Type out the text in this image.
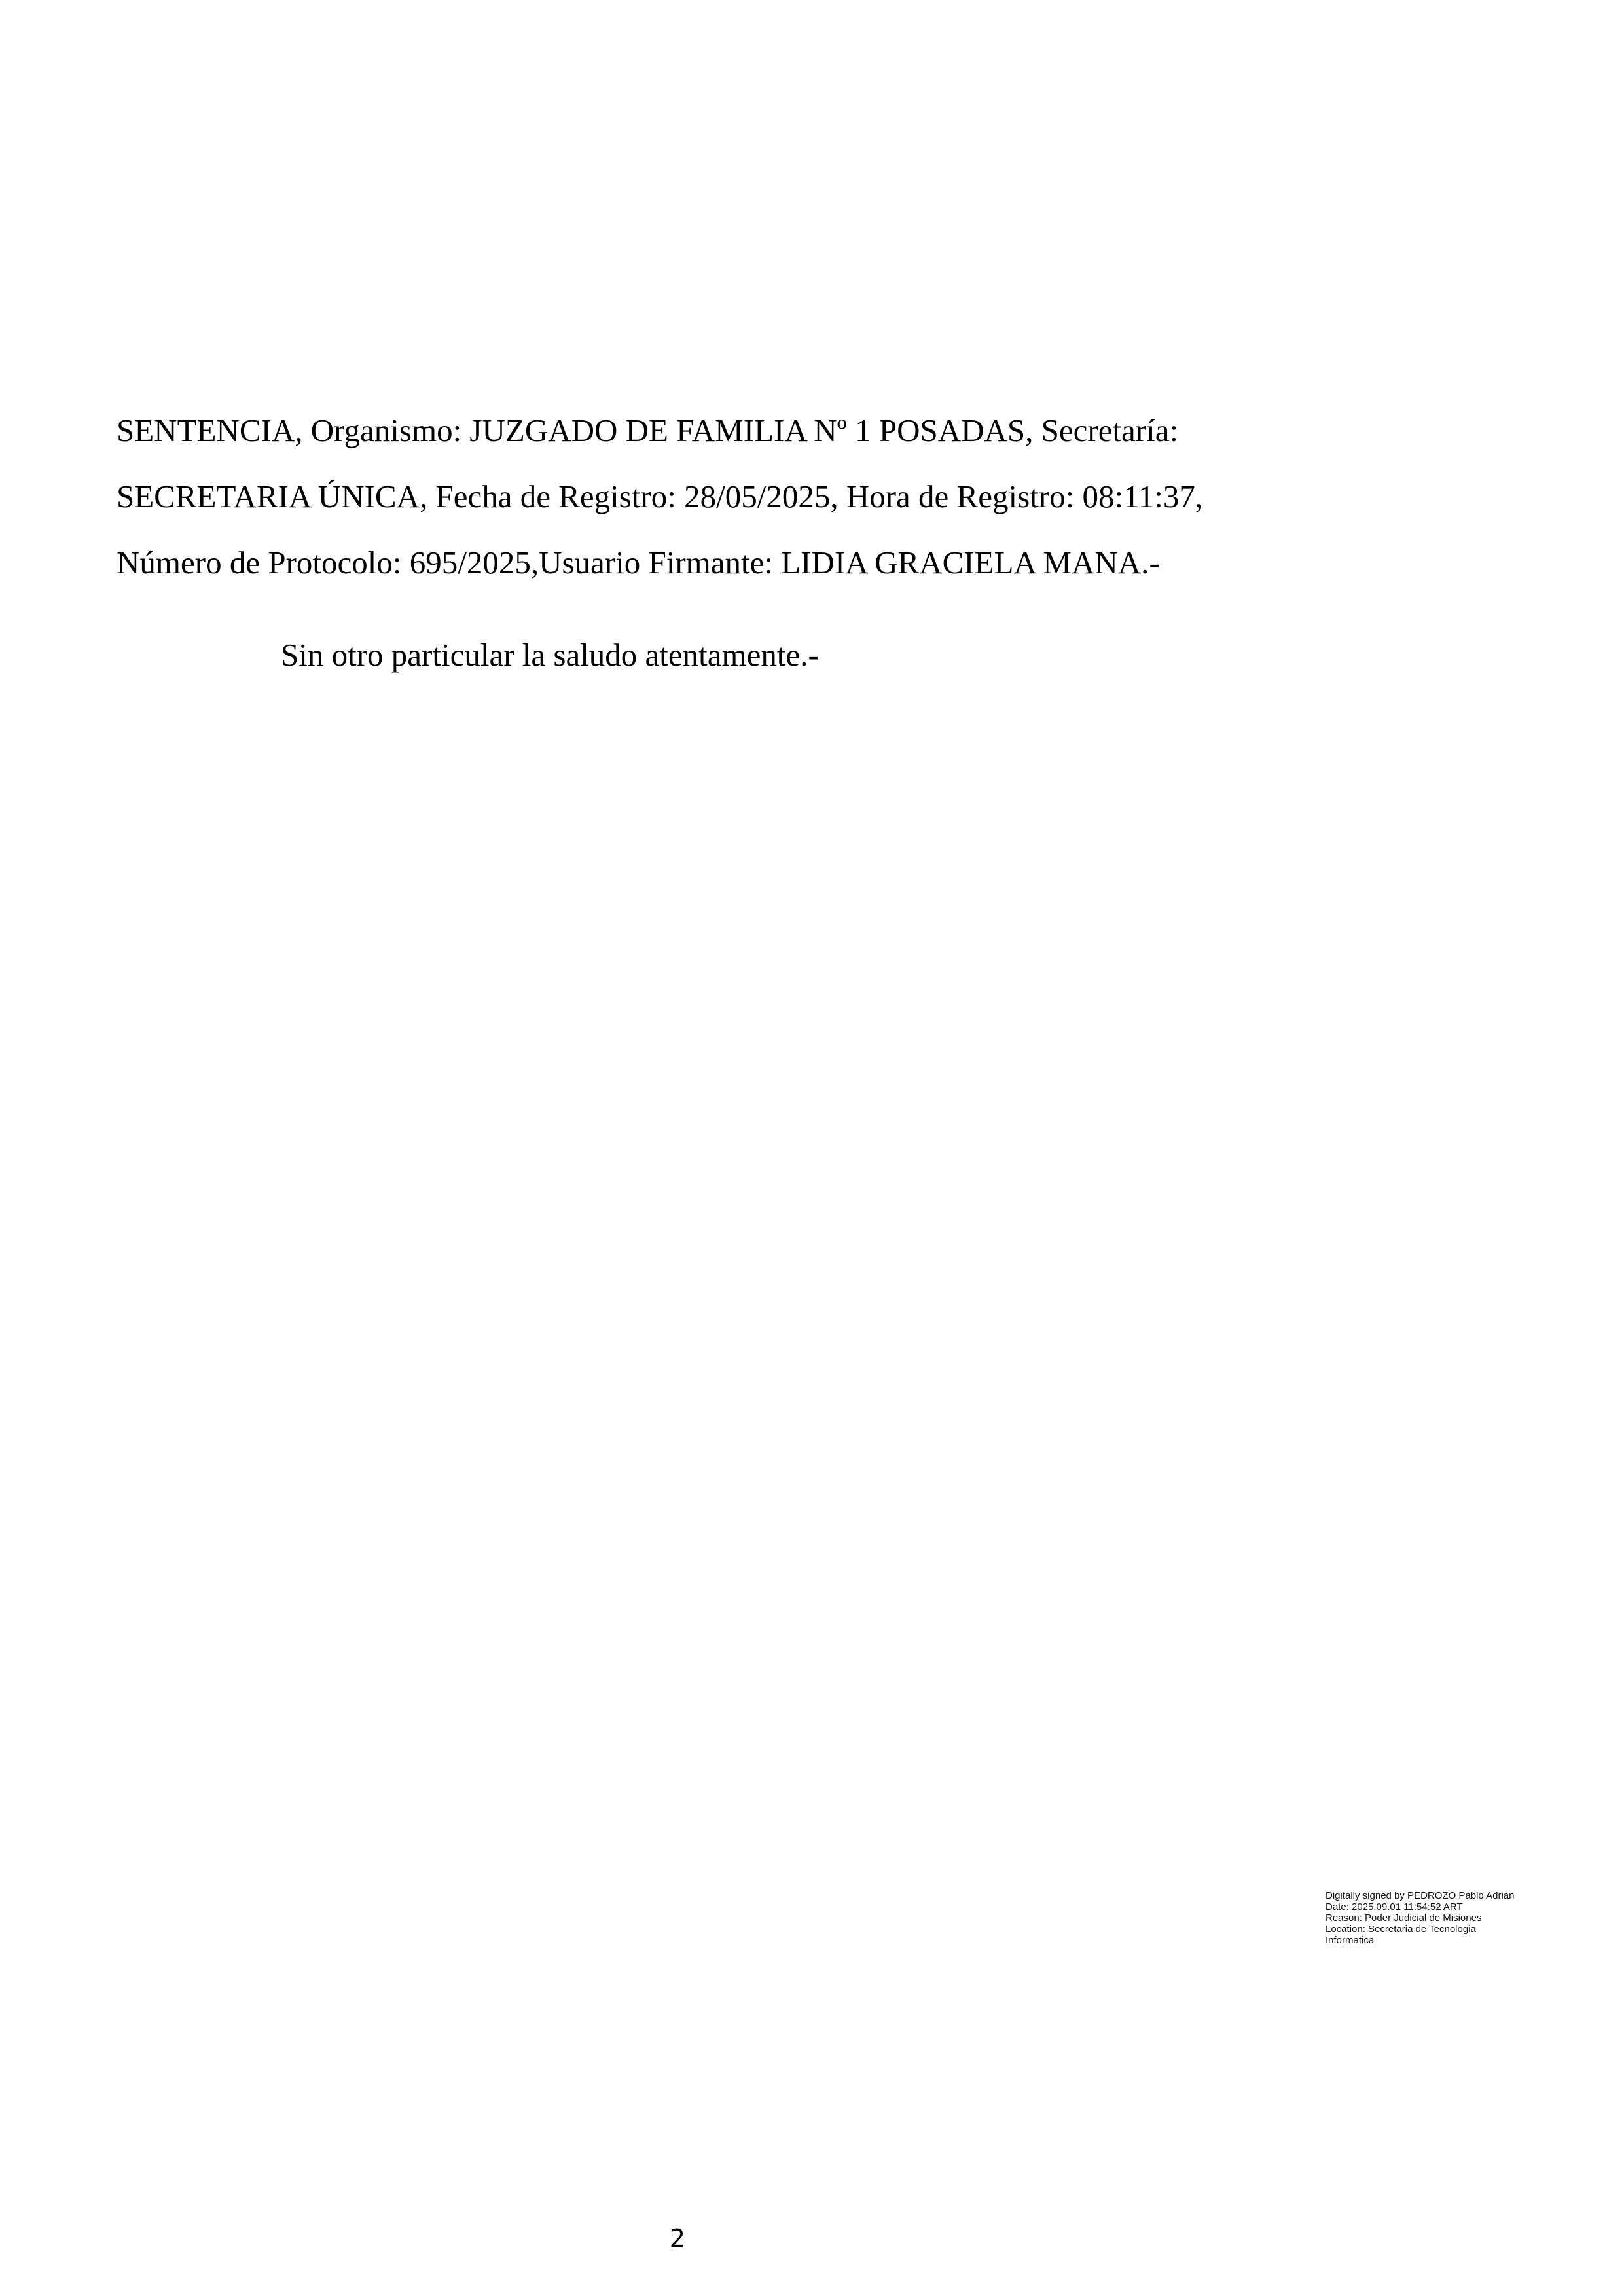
SENTENCIA, Organismo: JUZGADO DE FAMILIA Nº 1 POSADAS, Secretaría:

SECRETARIA ÚNICA, Fecha de Registro: 28/05/2025, Hora de Registro: 08:11:37,

Número de Protocolo: 695/2025,Usuario Firmante: LIDIA GRACIELA MANA.-

Sin otro particular la saludo atentamente.-

Digitally signed by PEDROZO Pablo Adrian

Date: 2025.09.01 11:54:52 ART

Reason: Poder Judicial de Misiones

Location: Secretaria de Tecnologia

Informatica

2
